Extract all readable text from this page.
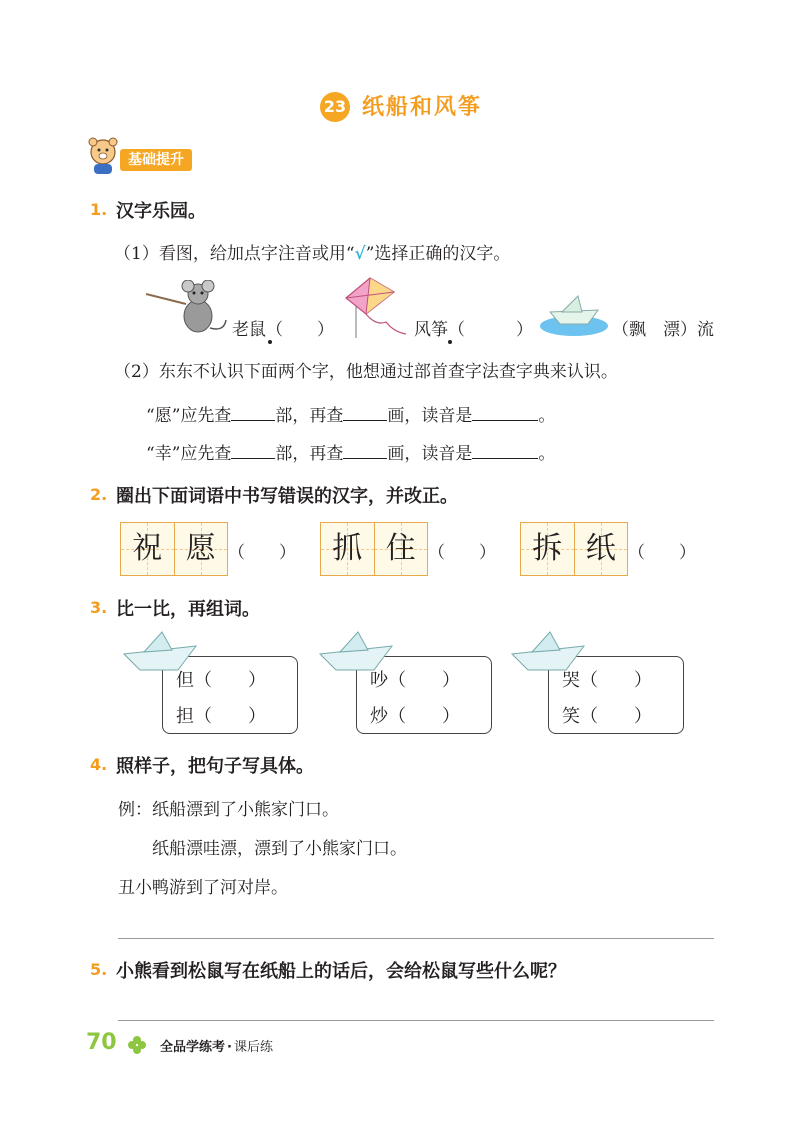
23 纸船和风筝
基础提升
1. 汉字乐园。
（1）看图，给加点字注音或用“√”选择正确的汉字。
老鼠（　　）	风筝（　　　）	（飘　漂）流
（2）东东不认识下面两个字，他想通过部首查字法查字典来认识。
“愿”应先查	部，再查	画，读音是	。
“幸”应先查	部，再查	画，读音是	。
2. 圈出下面词语中书写错误的汉字，并改正。
祝 愿 （　　）	抓 住 （　　）	拆 纸 （　　）
3. 比一比，再组词。
但（　　）
担（　　）
吵（　　）
炒（　　）
哭（　　）
笑（　　）
4. 照样子，把句子写具体。
例：纸船漂到了小熊家门口。
纸船漂哇漂，漂到了小熊家门口。
丑小鸭游到了河对岸。
5. 小熊看到松鼠写在纸船上的话后，会给松鼠写些什么呢？
70	全品学练考 · 课后练
